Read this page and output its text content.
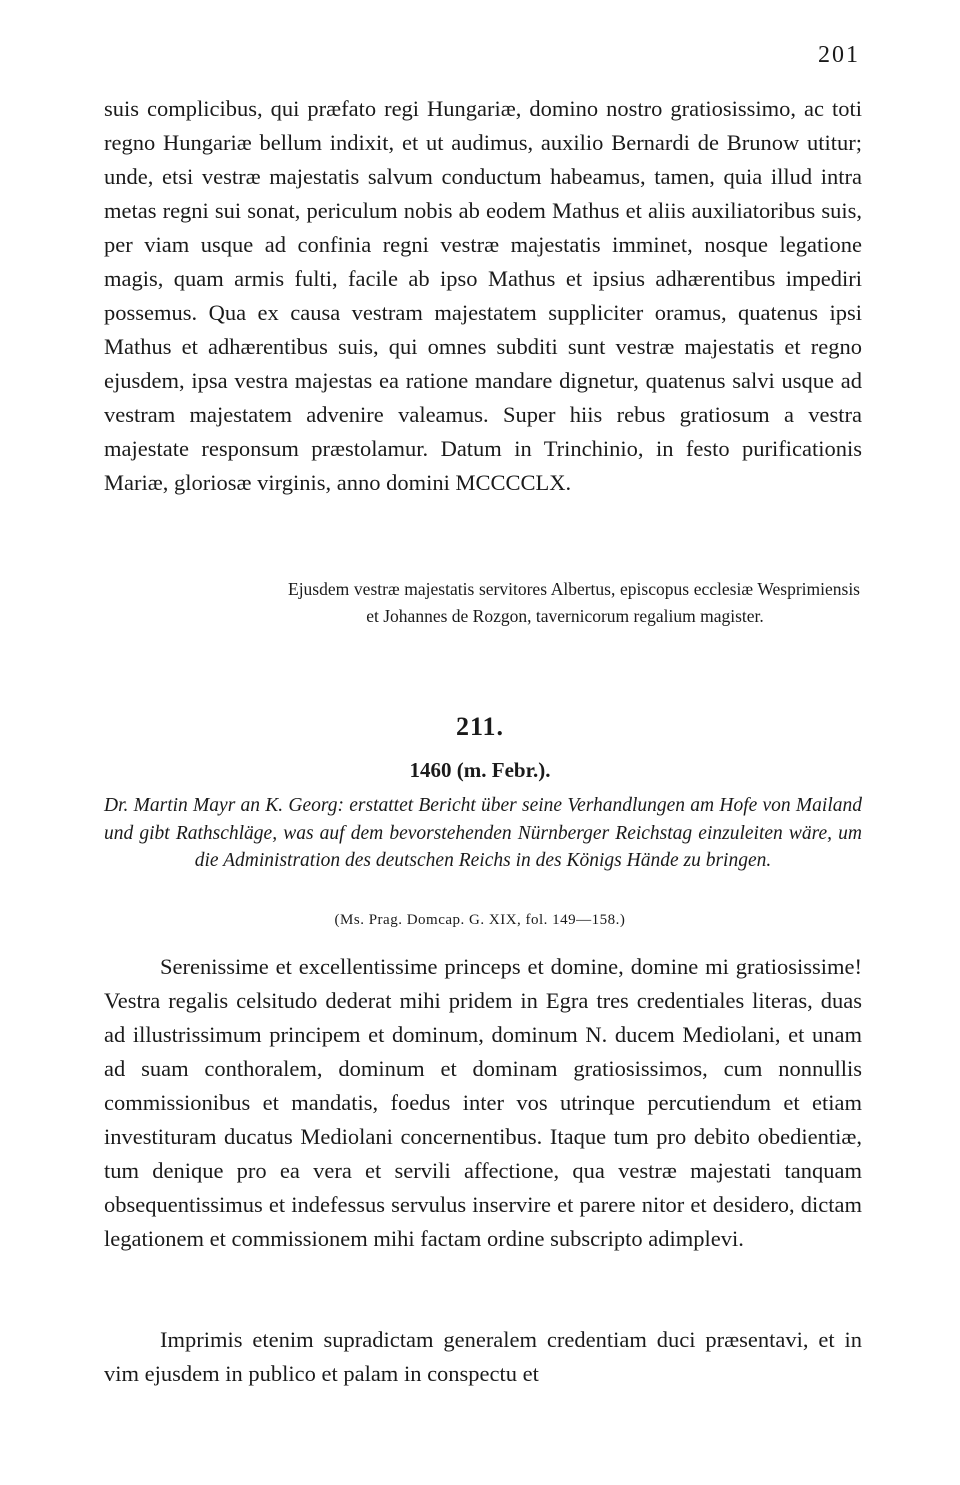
201

suis complicibus, qui præfato regi Hungariæ, domino nostro gratiosissimo, ac toti regno Hungariæ bellum indixit, et ut audimus, auxilio Bernardi de Brunow utitur; unde, etsi vestræ majestatis salvum conductum habeamus, tamen, quia illud intra metas regni sui sonat, periculum nobis ab eodem Mathus et aliis auxiliatoribus suis, per viam usque ad confinia regni vestræ majestatis imminet, nosque legatione magis, quam armis fulti, facile ab ipso Mathus et ipsius adhærentibus impediri possemus. Qua ex causa vestram majestatem suppliciter oramus, quatenus ipsi Mathus et adhærentibus suis, qui omnes subditi sunt vestræ majestatis et regno ejusdem, ipsa vestra majestas ea ratione mandare dignetur, quatenus salvi usque ad vestram majestatem advenire valeamus. Super hiis rebus gratiosum a vestra majestate responsum præstolamur. Datum in Trinchinio, in festo purificationis Mariæ, gloriosæ virginis, anno domini MCCCCLX.

Ejusdem vestræ majestatis servitores Albertus, episcopus ecclesiæ Wesprimiensis et Johannes de Rozgon, tavernicorum regalium magister.

211.
1460 (m. Febr.).

Dr. Martin Mayr an K. Georg: erstattet Bericht über seine Verhandlungen am Hofe von Mailand und gibt Rathschläge, was auf dem bevorstehenden Nürnberger Reichstag einzuleiten wäre, um die Administration des deutschen Reichs in des Königs Hände zu bringen.

(Ms. Prag. Domcap. G. XIX, fol. 149—158.)

Serenissime et excellentissime princeps et domine, domine mi gratiosissime! Vestra regalis celsitudo dederat mihi pridem in Egra tres credentiales literas, duas ad illustrissimum principem et dominum, dominum N. ducem Mediolani, et unam ad suam conthoralem, dominum et dominam gratiosissimos, cum nonnullis commissionibus et mandatis, foedus inter vos utrinque percutiendum et etiam investituram ducatus Mediolani concernentibus. Itaque tum pro debito obedientiæ, tum denique pro ea vera et servili affectione, qua vestræ majestati tanquam obsequentissimus et indefessus servulus inservire et parere nitor et desidero, dictam legationem et commissionem mihi factam ordine subscripto adimplevi.

Imprimis etenim supradictam generalem credentiam duci præsentavi, et in vim ejusdem in publico et palam in conspectu et
